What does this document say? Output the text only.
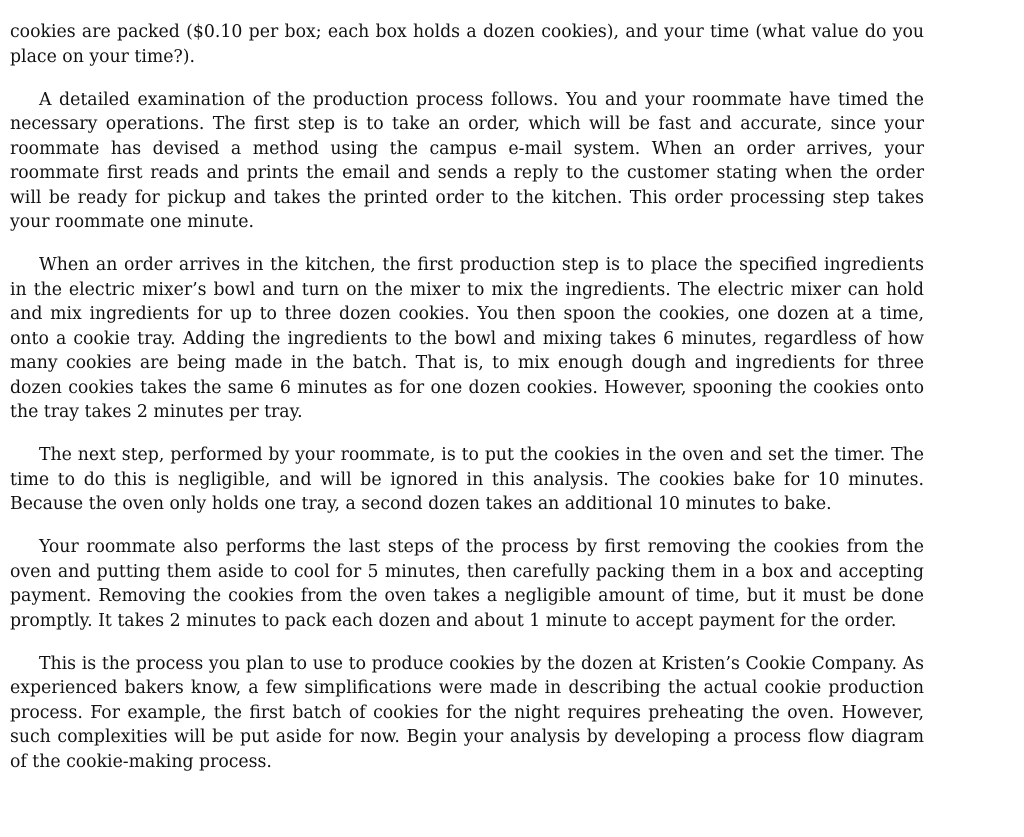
cookies are packed ($0.10 per box; each box holds a dozen cookies), and your time (what value do you place on your time?).

A detailed examination of the production process follows. You and your roommate have timed the necessary operations. The first step is to take an order, which will be fast and accurate, since your roommate has devised a method using the campus e-mail system. When an order arrives, your roommate first reads and prints the email and sends a reply to the customer stating when the order will be ready for pickup and takes the printed order to the kitchen. This order processing step takes your roommate one minute.

When an order arrives in the kitchen, the first production step is to place the specified ingredients in the electric mixer’s bowl and turn on the mixer to mix the ingredients. The electric mixer can hold and mix ingredients for up to three dozen cookies. You then spoon the cookies, one dozen at a time, onto a cookie tray. Adding the ingredients to the bowl and mixing takes 6 minutes, regardless of how many cookies are being made in the batch. That is, to mix enough dough and ingredients for three dozen cookies takes the same 6 minutes as for one dozen cookies. However, spooning the cookies onto the tray takes 2 minutes per tray.

The next step, performed by your roommate, is to put the cookies in the oven and set the timer. The time to do this is negligible, and will be ignored in this analysis. The cookies bake for 10 minutes. Because the oven only holds one tray, a second dozen takes an additional 10 minutes to bake.

Your roommate also performs the last steps of the process by first removing the cookies from the oven and putting them aside to cool for 5 minutes, then carefully packing them in a box and accepting payment. Removing the cookies from the oven takes a negligible amount of time, but it must be done promptly. It takes 2 minutes to pack each dozen and about 1 minute to accept payment for the order.

This is the process you plan to use to produce cookies by the dozen at Kristen’s Cookie Company. As experienced bakers know, a few simplifications were made in describing the actual cookie production process. For example, the first batch of cookies for the night requires preheating the oven. However, such complexities will be put aside for now. Begin your analysis by developing a process flow diagram of the cookie-making process.
